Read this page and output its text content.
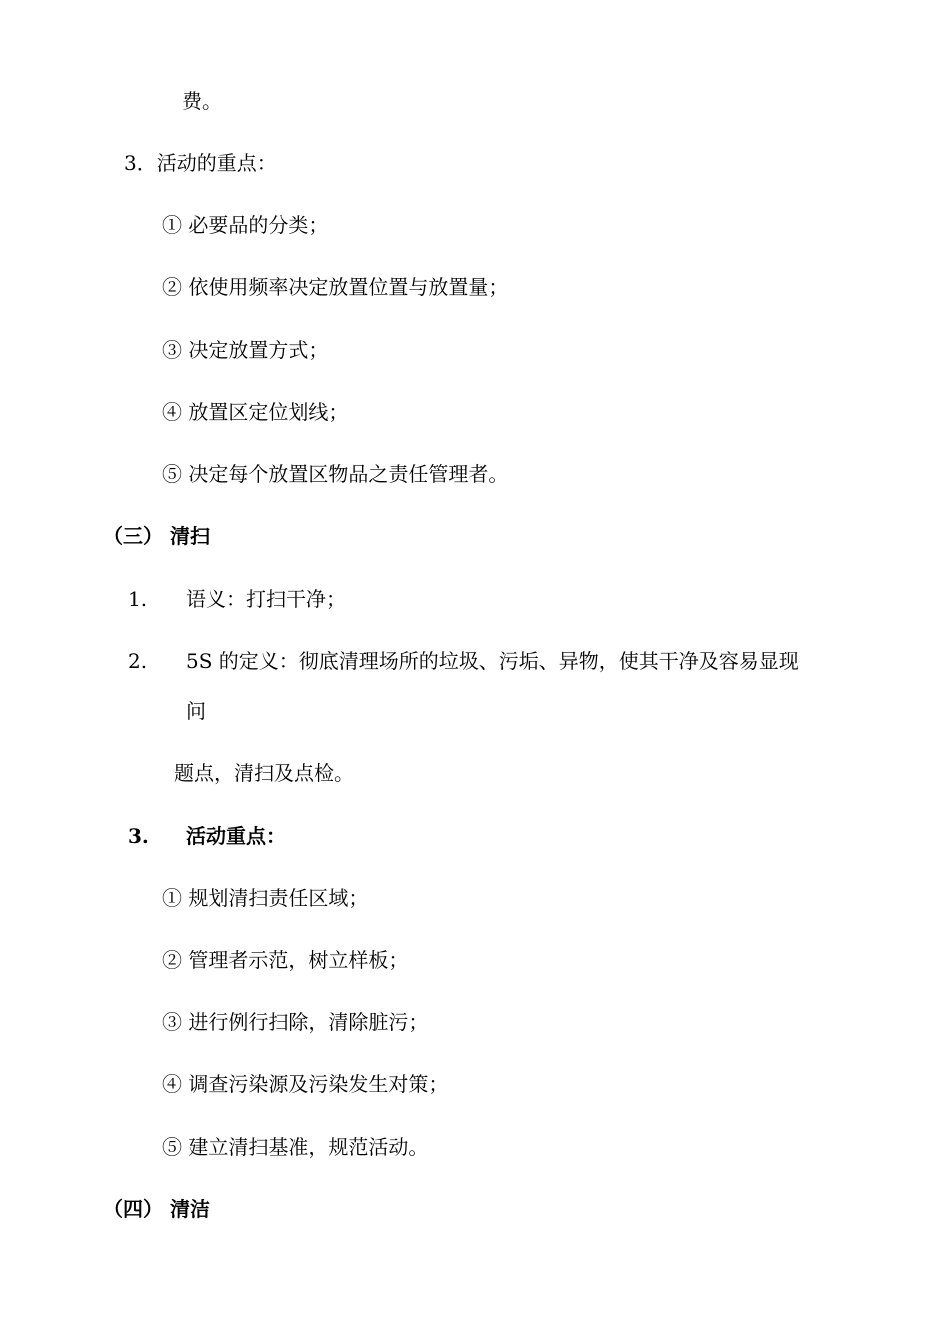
费。
3．活动的重点：
① 必要品的分类；
② 依使用频率决定放置位置与放置量；
③ 决定放置方式；
④ 放置区定位划线；
⑤ 决定每个放置区物品之责任管理者。
（三） 清扫
1. 语义：打扫干净；
2. 5S 的定义：彻底清理场所的垃圾、污垢、异物，使其干净及容易显现
问
题点，清扫及点检。
3. 活动重点：
① 规划清扫责任区域；
② 管理者示范，树立样板；
③ 进行例行扫除，清除脏污；
④ 调查污染源及污染发生对策；
⑤ 建立清扫基准，规范活动。
（四） 清洁
